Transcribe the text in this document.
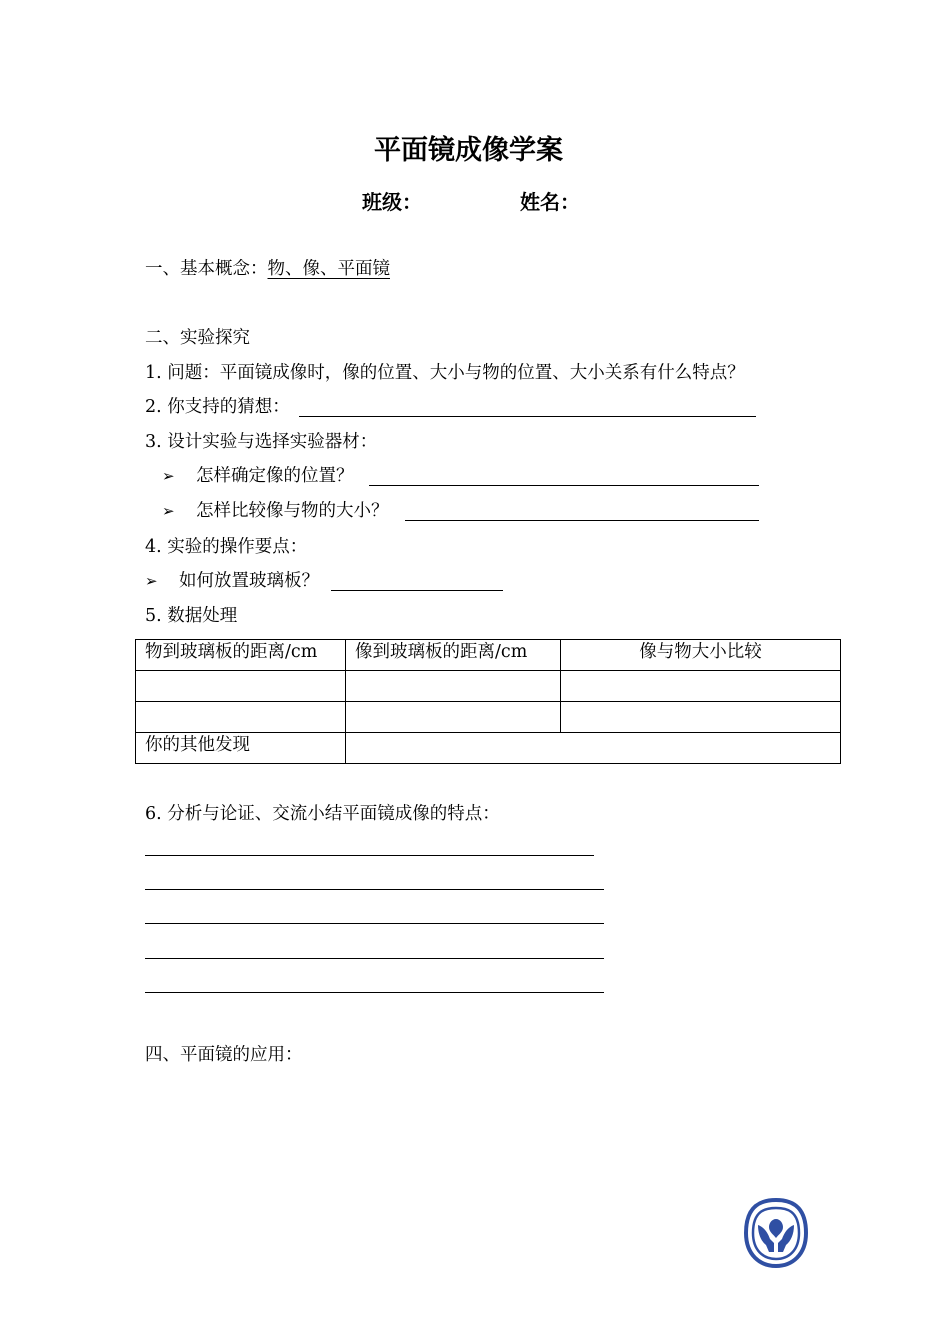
平面镜成像学案
班级：	姓名：
一、基本概念：物、像、平面镜
二、实验探究
1. 问题：平面镜成像时，像的位置、大小与物的位置、大小关系有什么特点？
2. 你支持的猜想：
3. 设计实验与选择实验器材：
➢ 怎样确定像的位置？
➢ 怎样比较像与物的大小？
4. 实验的操作要点：
➢ 如何放置玻璃板？
5. 数据处理
物到玻璃板的距离/cm	像到玻璃板的距离/cm	像与物大小比较

你的其他发现		
6. 分析与论证、交流小结平面镜成像的特点：
四、平面镜的应用：
